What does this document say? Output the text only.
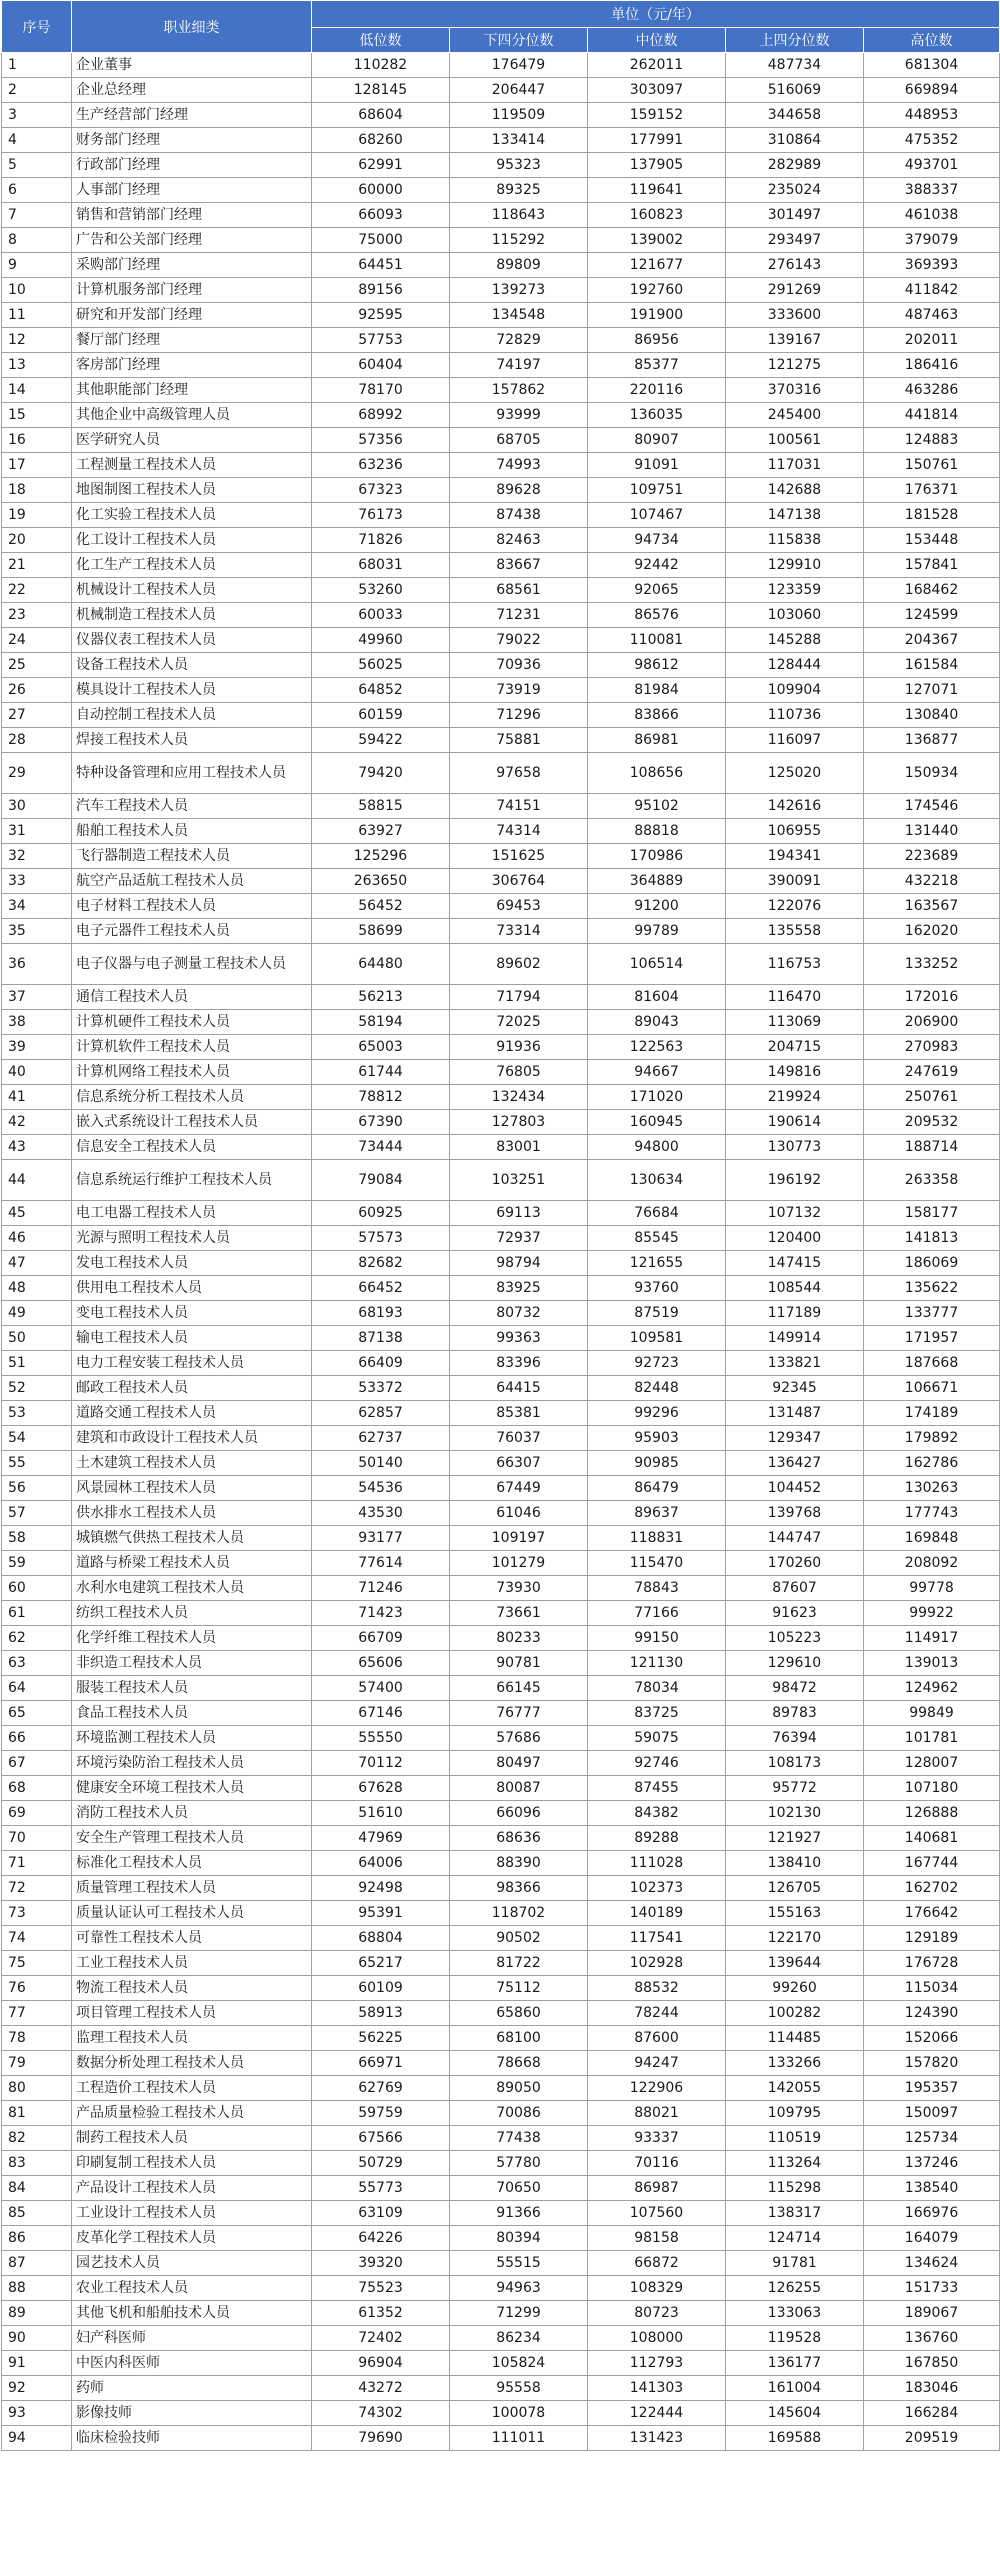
序号	职业细类	单位（元/年）				
		低位数	下四分位数	中位数	上四分位数	高位数
1	企业董事	110282	176479	262011	487734	681304
2	企业总经理	128145	206447	303097	516069	669894
3	生产经营部门经理	68604	119509	159152	344658	448953
4	财务部门经理	68260	133414	177991	310864	475352
5	行政部门经理	62991	95323	137905	282989	493701
6	人事部门经理	60000	89325	119641	235024	388337
7	销售和营销部门经理	66093	118643	160823	301497	461038
8	广告和公关部门经理	75000	115292	139002	293497	379079
9	采购部门经理	64451	89809	121677	276143	369393
10	计算机服务部门经理	89156	139273	192760	291269	411842
11	研究和开发部门经理	92595	134548	191900	333600	487463
12	餐厅部门经理	57753	72829	86956	139167	202011
13	客房部门经理	60404	74197	85377	121275	186416
14	其他职能部门经理	78170	157862	220116	370316	463286
15	其他企业中高级管理人员	68992	93999	136035	245400	441814
16	医学研究人员	57356	68705	80907	100561	124883
17	工程测量工程技术人员	63236	74993	91091	117031	150761
18	地图制图工程技术人员	67323	89628	109751	142688	176371
19	化工实验工程技术人员	76173	87438	107467	147138	181528
20	化工设计工程技术人员	71826	82463	94734	115838	153448
21	化工生产工程技术人员	68031	83667	92442	129910	157841
22	机械设计工程技术人员	53260	68561	92065	123359	168462
23	机械制造工程技术人员	60033	71231	86576	103060	124599
24	仪器仪表工程技术人员	49960	79022	110081	145288	204367
25	设备工程技术人员	56025	70936	98612	128444	161584
26	模具设计工程技术人员	64852	73919	81984	109904	127071
27	自动控制工程技术人员	60159	71296	83866	110736	130840
28	焊接工程技术人员	59422	75881	86981	116097	136877
29	特种设备管理和应用工程技术人员	79420	97658	108656	125020	150934
30	汽车工程技术人员	58815	74151	95102	142616	174546
31	船舶工程技术人员	63927	74314	88818	106955	131440
32	飞行器制造工程技术人员	125296	151625	170986	194341	223689
33	航空产品适航工程技术人员	263650	306764	364889	390091	432218
34	电子材料工程技术人员	56452	69453	91200	122076	163567
35	电子元器件工程技术人员	58699	73314	99789	135558	162020
36	电子仪器与电子测量工程技术人员	64480	89602	106514	116753	133252
37	通信工程技术人员	56213	71794	81604	116470	172016
38	计算机硬件工程技术人员	58194	72025	89043	113069	206900
39	计算机软件工程技术人员	65003	91936	122563	204715	270983
40	计算机网络工程技术人员	61744	76805	94667	149816	247619
41	信息系统分析工程技术人员	78812	132434	171020	219924	250761
42	嵌入式系统设计工程技术人员	67390	127803	160945	190614	209532
43	信息安全工程技术人员	73444	83001	94800	130773	188714
44	信息系统运行维护工程技术人员	79084	103251	130634	196192	263358
45	电工电器工程技术人员	60925	69113	76684	107132	158177
46	光源与照明工程技术人员	57573	72937	85545	120400	141813
47	发电工程技术人员	82682	98794	121655	147415	186069
48	供用电工程技术人员	66452	83925	93760	108544	135622
49	变电工程技术人员	68193	80732	87519	117189	133777
50	输电工程技术人员	87138	99363	109581	149914	171957
51	电力工程安装工程技术人员	66409	83396	92723	133821	187668
52	邮政工程技术人员	53372	64415	82448	92345	106671
53	道路交通工程技术人员	62857	85381	99296	131487	174189
54	建筑和市政设计工程技术人员	62737	76037	95903	129347	179892
55	土木建筑工程技术人员	50140	66307	90985	136427	162786
56	风景园林工程技术人员	54536	67449	86479	104452	130263
57	供水排水工程技术人员	43530	61046	89637	139768	177743
58	城镇燃气供热工程技术人员	93177	109197	118831	144747	169848
59	道路与桥梁工程技术人员	77614	101279	115470	170260	208092
60	水利水电建筑工程技术人员	71246	73930	78843	87607	99778
61	纺织工程技术人员	71423	73661	77166	91623	99922
62	化学纤维工程技术人员	66709	80233	99150	105223	114917
63	非织造工程技术人员	65606	90781	121130	129610	139013
64	服装工程技术人员	57400	66145	78034	98472	124962
65	食品工程技术人员	67146	76777	83725	89783	99849
66	环境监测工程技术人员	55550	57686	59075	76394	101781
67	环境污染防治工程技术人员	70112	80497	92746	108173	128007
68	健康安全环境工程技术人员	67628	80087	87455	95772	107180
69	消防工程技术人员	51610	66096	84382	102130	126888
70	安全生产管理工程技术人员	47969	68636	89288	121927	140681
71	标准化工程技术人员	64006	88390	111028	138410	167744
72	质量管理工程技术人员	92498	98366	102373	126705	162702
73	质量认证认可工程技术人员	95391	118702	140189	155163	176642
74	可靠性工程技术人员	68804	90502	117541	122170	129189
75	工业工程技术人员	65217	81722	102928	139644	176728
76	物流工程技术人员	60109	75112	88532	99260	115034
77	项目管理工程技术人员	58913	65860	78244	100282	124390
78	监理工程技术人员	56225	68100	87600	114485	152066
79	数据分析处理工程技术人员	66971	78668	94247	133266	157820
80	工程造价工程技术人员	62769	89050	122906	142055	195357
81	产品质量检验工程技术人员	59759	70086	88021	109795	150097
82	制药工程技术人员	67566	77438	93337	110519	125734
83	印刷复制工程技术人员	50729	57780	70116	113264	137246
84	产品设计工程技术人员	55773	70650	86987	115298	138540
85	工业设计工程技术人员	63109	91366	107560	138317	166976
86	皮革化学工程技术人员	64226	80394	98158	124714	164079
87	园艺技术人员	39320	55515	66872	91781	134624
88	农业工程技术人员	75523	94963	108329	126255	151733
89	其他飞机和船舶技术人员	61352	71299	80723	133063	189067
90	妇产科医师	72402	86234	108000	119528	136760
91	中医内科医师	96904	105824	112793	136177	167850
92	药师	43272	95558	141303	161004	183046
93	影像技师	74302	100078	122444	145604	166284
94	临床检验技师	79690	111011	131423	169588	209519
